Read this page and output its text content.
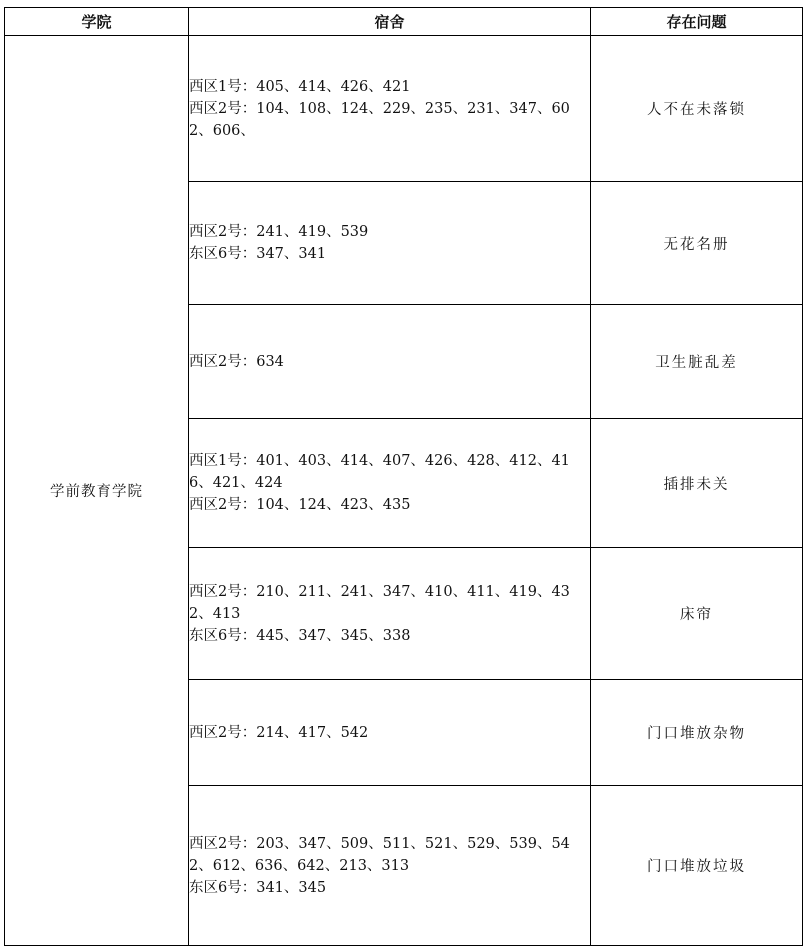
学院	宿舍	存在问题
学前教育学院	西区1号：405、414、426、421
西区2号：104、108、124、229、235、231、347、602、606、	人不在未落锁

	西区2号：241、419、539
东区6号：347、341	无花名册

	西区2号：634	卫生脏乱差

	西区1号：401、403、414、407、426、428、412、416、421、424
西区2号：104、124、423、435	插排未关

	西区2号：210、211、241、347、410、411、419、432、413
东区6号：445、347、345、338	床帘

	西区2号：214、417、542	门口堆放杂物

	西区2号：203、347、509、511、521、529、539、542、612、636、642、213、313
东区6号：341、345	门口堆放垃圾
